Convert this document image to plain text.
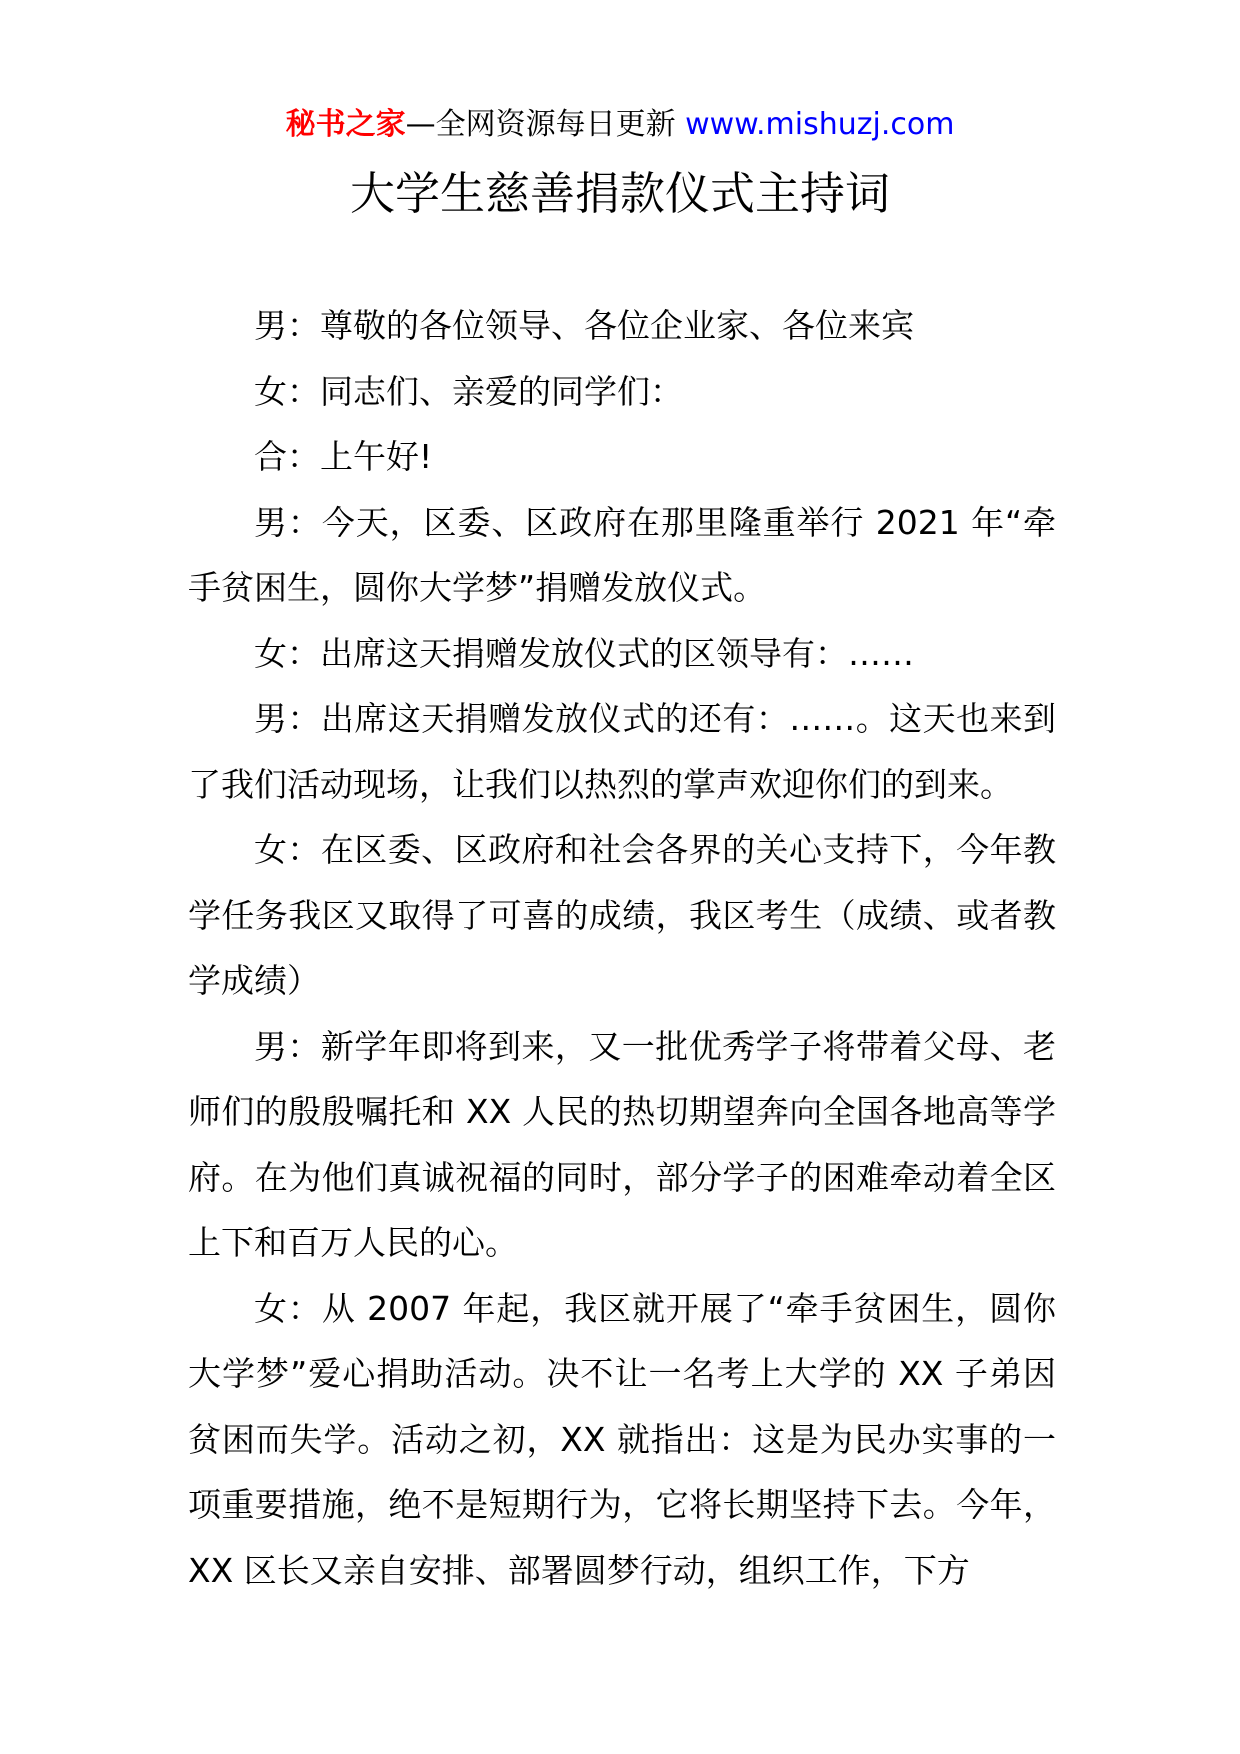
秘书之家—全网资源每日更新 www.mishuzj.com
大学生慈善捐款仪式主持词

男：尊敬的各位领导、各位企业家、各位来宾

女：同志们、亲爱的同学们：

合：上午好!

男：今天，区委、区政府在那里隆重举行 2021 年“牵手贫困生，圆你大学梦”捐赠发放仪式。

女：出席这天捐赠发放仪式的区领导有：……

男：出席这天捐赠发放仪式的还有：……。这天也来到了我们活动现场，让我们以热烈的掌声欢迎你们的到来。

女：在区委、区政府和社会各界的关心支持下，今年教学任务我区又取得了可喜的成绩，我区考生（成绩、或者教学成绩）

男：新学年即将到来，又一批优秀学子将带着父母、老师们的殷殷嘱托和 XX 人民的热切期望奔向全国各地高等学府。在为他们真诚祝福的同时，部分学子的困难牵动着全区上下和百万人民的心。

女：从 2007 年起，我区就开展了“牵手贫困生，圆你大学梦”爱心捐助活动。决不让一名考上大学的 XX 子弟因贫困而失学。活动之初，XX 就指出：这是为民办实事的一项重要措施，绝不是短期行为，它将长期坚持下去。今年，XX 区长又亲自安排、部署圆梦行动，组织工作，下方
